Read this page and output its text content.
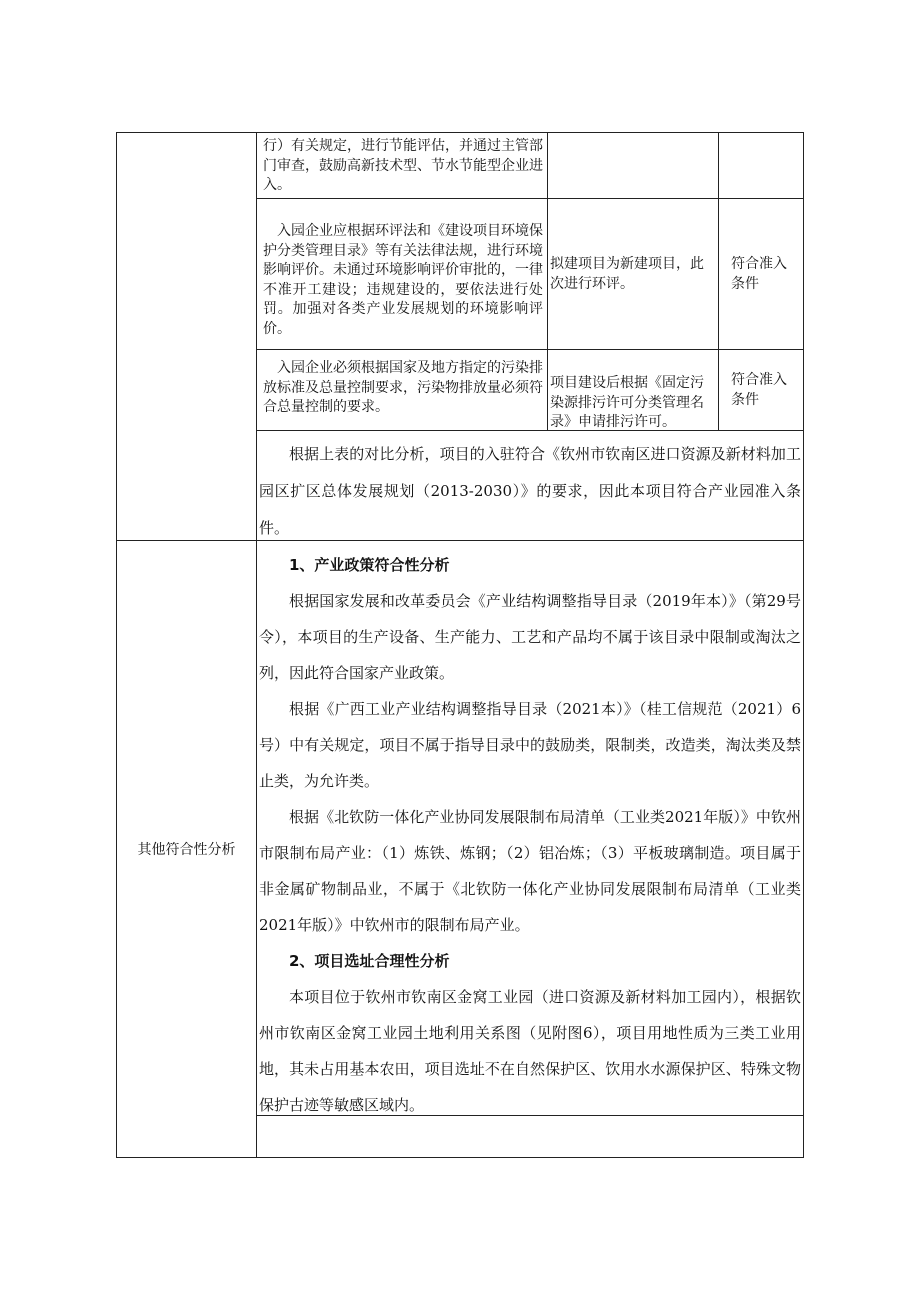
行）有关规定，进行节能评估，并通过主管部门审查，鼓励高新技术型、节水节能型企业进入。

入园企业应根据环评法和《建设项目环境保护分类管理目录》等有关法律法规，进行环境影响评价。未通过环境影响评价审批的，一律不准开工建设；违规建设的，要依法进行处罚。加强对各类产业发展规划的环境影响评价。

拟建项目为新建项目，此次进行环评。
符合准入条件

入园企业必须根据国家及地方指定的污染排放标准及总量控制要求，污染物排放量必须符合总量控制的要求。

项目建设后根据《固定污染源排污许可分类管理名录》申请排污许可。
符合准入条件

根据上表的对比分析，项目的入驻符合《钦州市钦南区进口资源及新材料加工园区扩区总体发展规划（2013-2030）》的要求，因此本项目符合产业园准入条件。

其他符合性分析
1、产业政策符合性分析

根据国家发展和改革委员会《产业结构调整指导目录（2019年本）》（第29号令），本项目的生产设备、生产能力、工艺和产品均不属于该目录中限制或淘汰之列，因此符合国家产业政策。

根据《广西工业产业结构调整指导目录（2021本）》（桂工信规范（2021）6号）中有关规定，项目不属于指导目录中的鼓励类，限制类，改造类，淘汰类及禁止类，为允许类。

根据《北钦防一体化产业协同发展限制布局清单（工业类2021年版）》中钦州市限制布局产业：（1）炼铁、炼钢；（2）铝冶炼；（3）平板玻璃制造。项目属于非金属矿物制品业，不属于《北钦防一体化产业协同发展限制布局清单（工业类2021年版）》中钦州市的限制布局产业。

2、项目选址合理性分析

本项目位于钦州市钦南区金窝工业园（进口资源及新材料加工园内），根据钦州市钦南区金窝工业园土地利用关系图（见附图6），项目用地性质为三类工业用地，其未占用基本农田，项目选址不在自然保护区、饮用水水源保护区、特殊文物保护古迹等敏感区域内。
